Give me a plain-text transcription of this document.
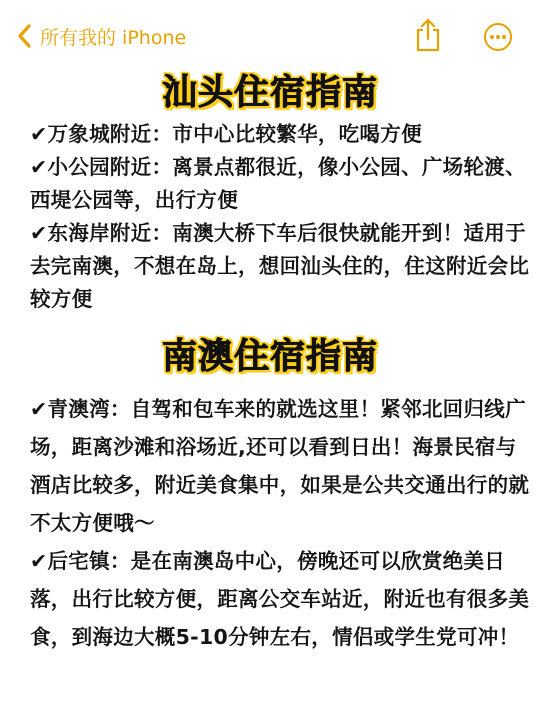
所有我的 iPhone
汕头住宿指南

✔万象城附近：市中心比较繁华，吃喝方便

✔小公园附近：离景点都很近，像小公园、广场轮渡、西堤公园等，出行方便

✔东海岸附近：南澳大桥下车后很快就能开到！适用于去完南澳，不想在岛上，想回汕头住的，住这附近会比较方便

南澳住宿指南

✔青澳湾：自驾和包车来的就选这里！紧邻北回归线广场，距离沙滩和浴场近,还可以看到日出！海景民宿与酒店比较多，附近美食集中，如果是公共交通出行的就不太方便哦～

✔后宅镇：是在南澳岛中心，傍晚还可以欣赏绝美日落，出行比较方便，距离公交车站近，附近也有很多美食，到海边大概5-10分钟左右，情侣或学生党可冲！
